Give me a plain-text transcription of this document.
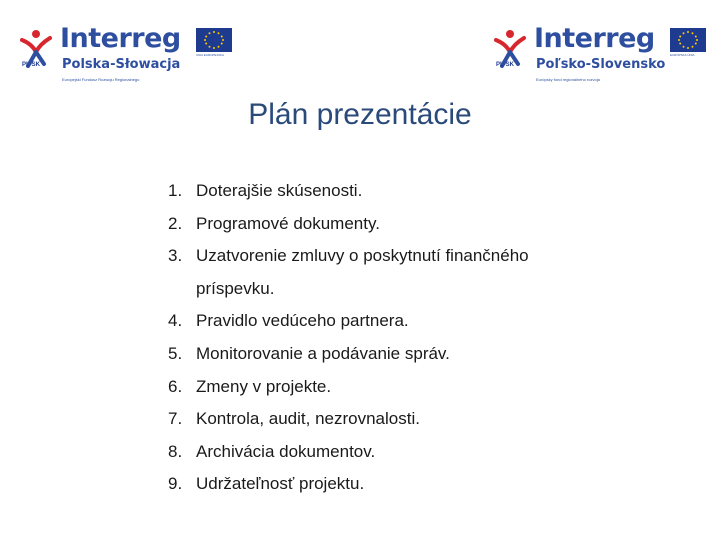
PL-SK
Interreg
Polska-Słowacja
Europejski Fundusz Rozwoju Regionalnego
UNIA EUROPEJSKA
PL-SK
Interreg
Poľsko-Slovensko
Európsky fond regionálneho rozvoja
EURÓPSKA ÚNIA
Plán prezentácie
1. Doterajšie skúsenosti.
2. Programové dokumenty.
3. Uzatvorenie zmluvy o poskytnutí finančného príspevku.
4. Pravidlo vedúceho partnera.
5. Monitorovanie a podávanie správ.
6. Zmeny v projekte.
7. Kontrola, audit, nezrovnalosti.
8. Archivácia dokumentov.
9. Udržateľnosť projektu.
